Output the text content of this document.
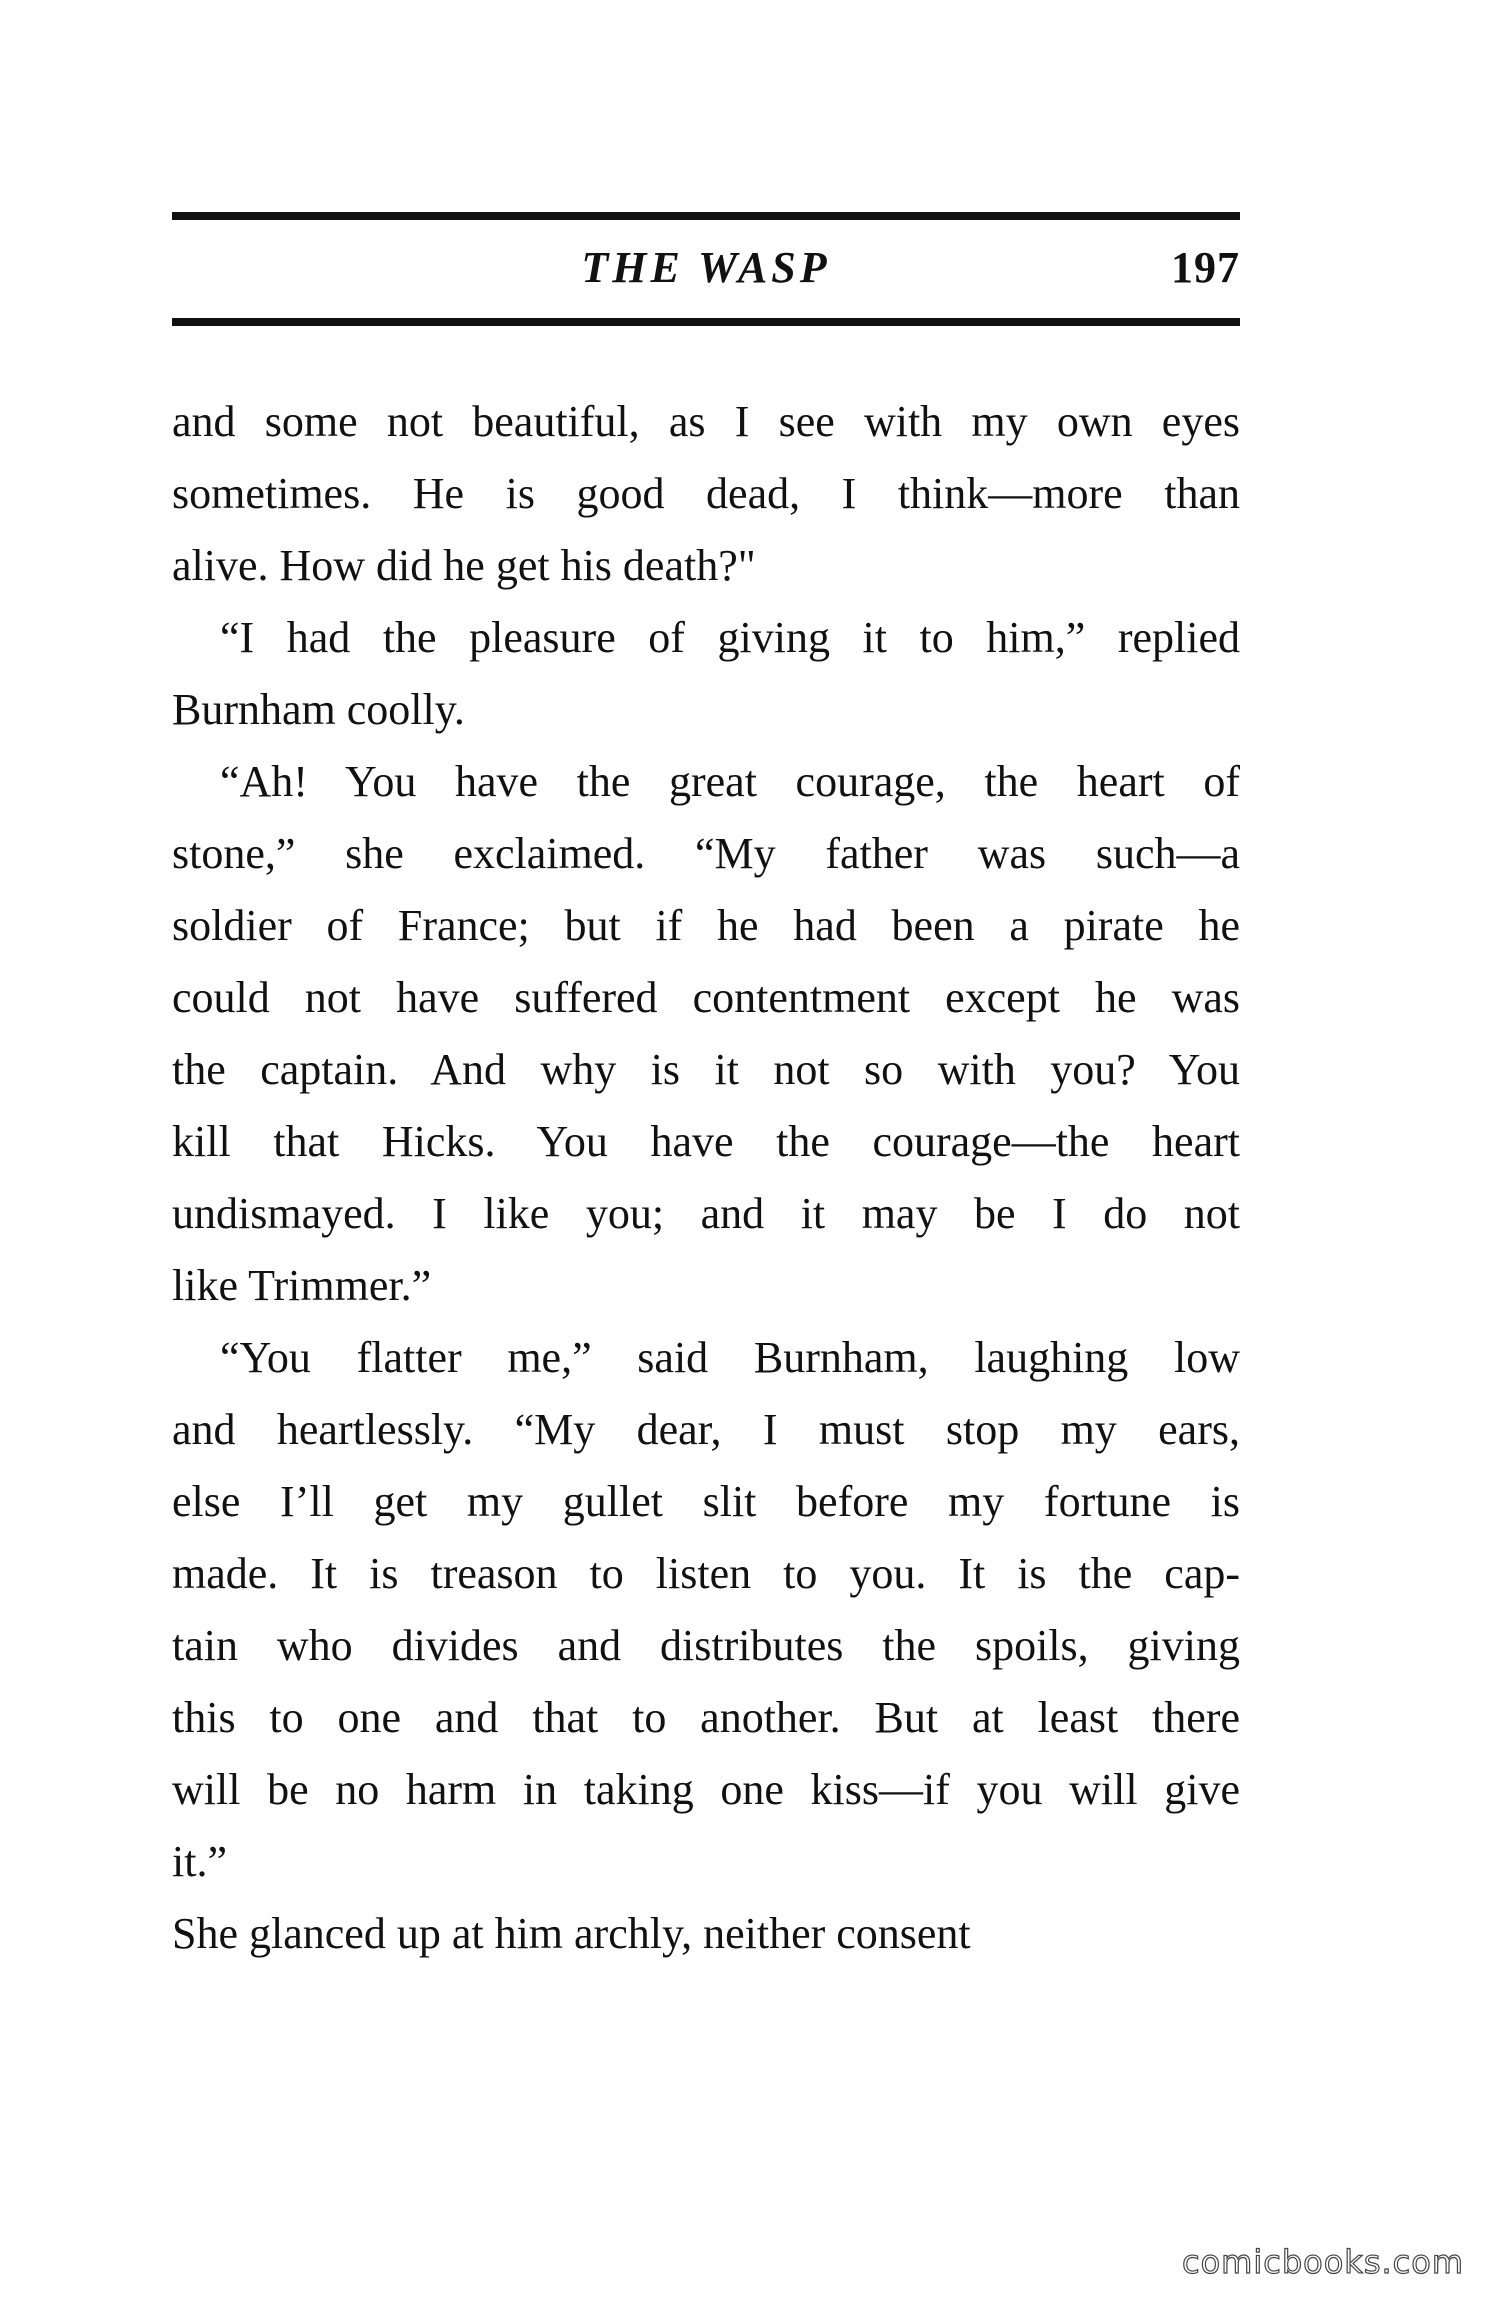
THE WASP	197
and some not beautiful, as I see with my own eyes
sometimes. He is good dead, I think—more than
alive. How did he get his death?"
“I had the pleasure of giving it to him,” replied
Burnham coolly.
“Ah! You have the great courage, the heart of
stone,” she exclaimed. “My father was such—a
soldier of France; but if he had been a pirate he
could not have suffered contentment except he was
the captain. And why is it not so with you? You
kill that Hicks. You have the courage—the heart
undismayed. I like you; and it may be I do not
like Trimmer.”
“You flatter me,” said Burnham, laughing low
and heartlessly. “My dear, I must stop my ears,
else I’ll get my gullet slit before my fortune is
made. It is treason to listen to you. It is the cap-
tain who divides and distributes the spoils, giving
this to one and that to another. But at least there
will be no harm in taking one kiss—if you will give
it.”
She glanced up at him archly, neither consent
comicbooks.com
